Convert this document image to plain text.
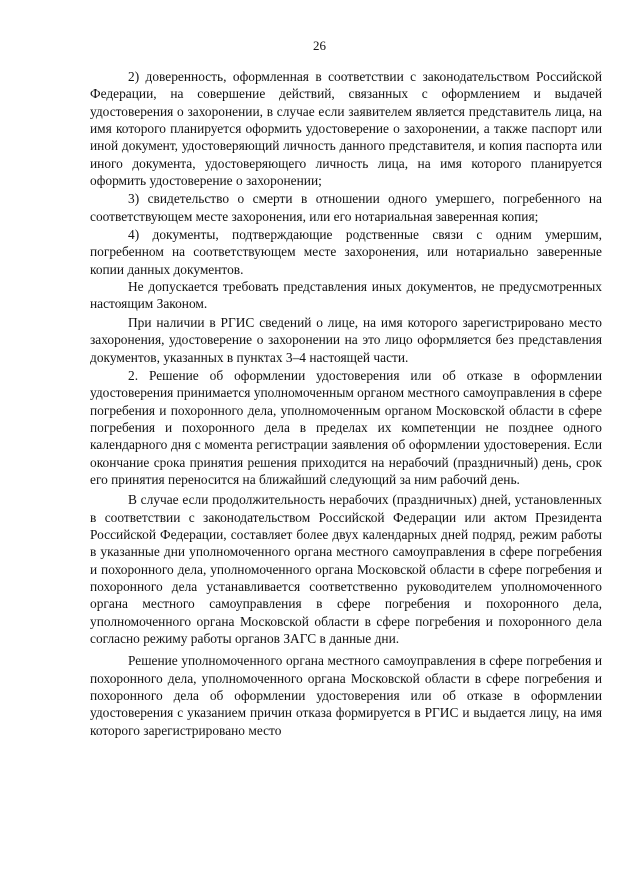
26

2) доверенность, оформленная в соответствии с законодательством Российской Федерации, на совершение действий, связанных с оформлением и выдачей удостоверения о захоронении, в случае если заявителем является представитель лица, на имя которого планируется оформить удостоверение о захоронении, а также паспорт или иной документ, удостоверяющий личность данного представителя, и копия паспорта или иного документа, удостоверяющего личность лица, на имя которого планируется оформить удостоверение о захоронении;

3) свидетельство о смерти в отношении одного умершего, погребенного на соответствующем месте захоронения, или его нотариальная заверенная копия;

4) документы, подтверждающие родственные связи с одним умершим, погребенном на соответствующем месте захоронения, или нотариально заверенные копии данных документов.

Не допускается требовать представления иных документов, не предусмотренных настоящим Законом.

При наличии в РГИС сведений о лице, на имя которого зарегистрировано место захоронения, удостоверение о захоронении на это лицо оформляется без представления документов, указанных в пунктах 3–4 настоящей части.

2. Решение об оформлении удостоверения или об отказе в оформлении удостоверения принимается уполномоченным органом местного самоуправления в сфере погребения и похоронного дела, уполномоченным органом Московской области в сфере погребения и похоронного дела в пределах их компетенции не позднее одного календарного дня с момента регистрации заявления об оформлении удостоверения. Если окончание срока принятия решения приходится на нерабочий (праздничный) день, срок его принятия переносится на ближайший следующий за ним рабочий день.

В случае если продолжительность нерабочих (праздничных) дней, установленных в соответствии с законодательством Российской Федерации или актом Президента Российской Федерации, составляет более двух календарных дней подряд, режим работы в указанные дни уполномоченного органа местного самоуправления в сфере погребения и похоронного дела, уполномоченного органа Московской области в сфере погребения и похоронного дела устанавливается соответственно руководителем уполномоченного органа местного самоуправления в сфере погребения и похоронного дела, уполномоченного органа Московской области в сфере погребения и похоронного дела согласно режиму работы органов ЗАГС в данные дни.

Решение уполномоченного органа местного самоуправления в сфере погребения и похоронного дела, уполномоченного органа Московской области в сфере погребения и похоронного дела об оформлении удостоверения или об отказе в оформлении удостоверения с указанием причин отказа формируется в РГИС и выдается лицу, на имя которого зарегистрировано место
